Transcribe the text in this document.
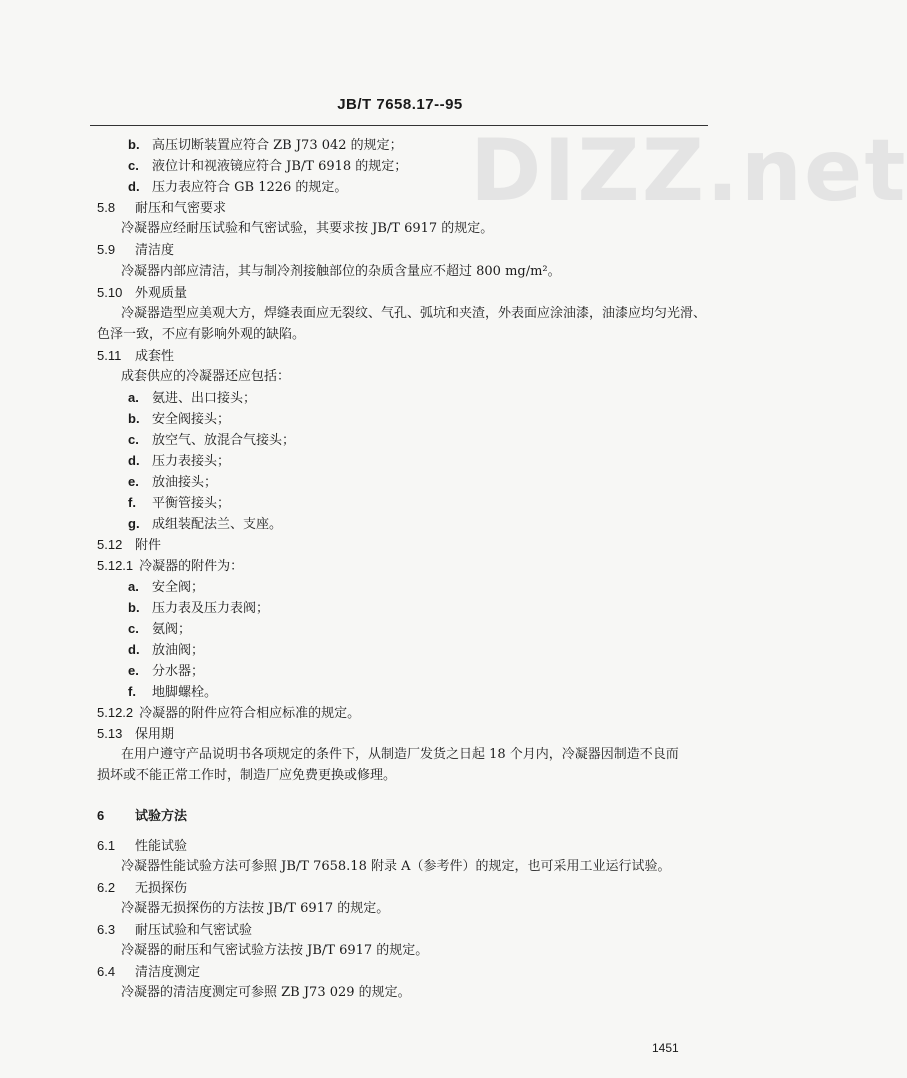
DIZZ.net
JB/T 7658.17--95
b. 高压切断装置应符合 ZB J73 042 的规定；
c. 液位计和视液镜应符合 JB/T 6918 的规定；
d. 压力表应符合 GB 1226 的规定。
5.8 耐压和气密要求
冷凝器应经耐压试验和气密试验，其要求按 JB/T 6917 的规定。
5.9 清洁度
冷凝器内部应清洁，其与制冷剂接触部位的杂质含量应不超过 800 mg/m²。
5.10 外观质量
冷凝器造型应美观大方，焊缝表面应无裂纹、气孔、弧坑和夹渣，外表面应涂油漆，油漆应均匀光滑、
色泽一致，不应有影响外观的缺陷。
5.11 成套性
成套供应的冷凝器还应包括：
a. 氨进、出口接头；
b. 安全阀接头；
c. 放空气、放混合气接头；
d. 压力表接头；
e. 放油接头；
f. 平衡管接头；
g. 成组装配法兰、支座。
5.12 附件
5.12.1 冷凝器的附件为：
a. 安全阀；
b. 压力表及压力表阀；
c. 氨阀；
d. 放油阀；
e. 分水器；
f. 地脚螺栓。
5.12.2 冷凝器的附件应符合相应标准的规定。
5.13 保用期
在用户遵守产品说明书各项规定的条件下，从制造厂发货之日起 18 个月内，冷凝器因制造不良而
损坏或不能正常工作时，制造厂应免费更换或修理。
6 试验方法
6.1 性能试验
冷凝器性能试验方法可参照 JB/T 7658.18 附录 A（参考件）的规定，也可采用工业运行试验。
6.2 无损探伤
冷凝器无损探伤的方法按 JB/T 6917 的规定。
6.3 耐压试验和气密试验
冷凝器的耐压和气密试验方法按 JB/T 6917 的规定。
6.4 清洁度测定
冷凝器的清洁度测定可参照 ZB J73 029 的规定。
1451
